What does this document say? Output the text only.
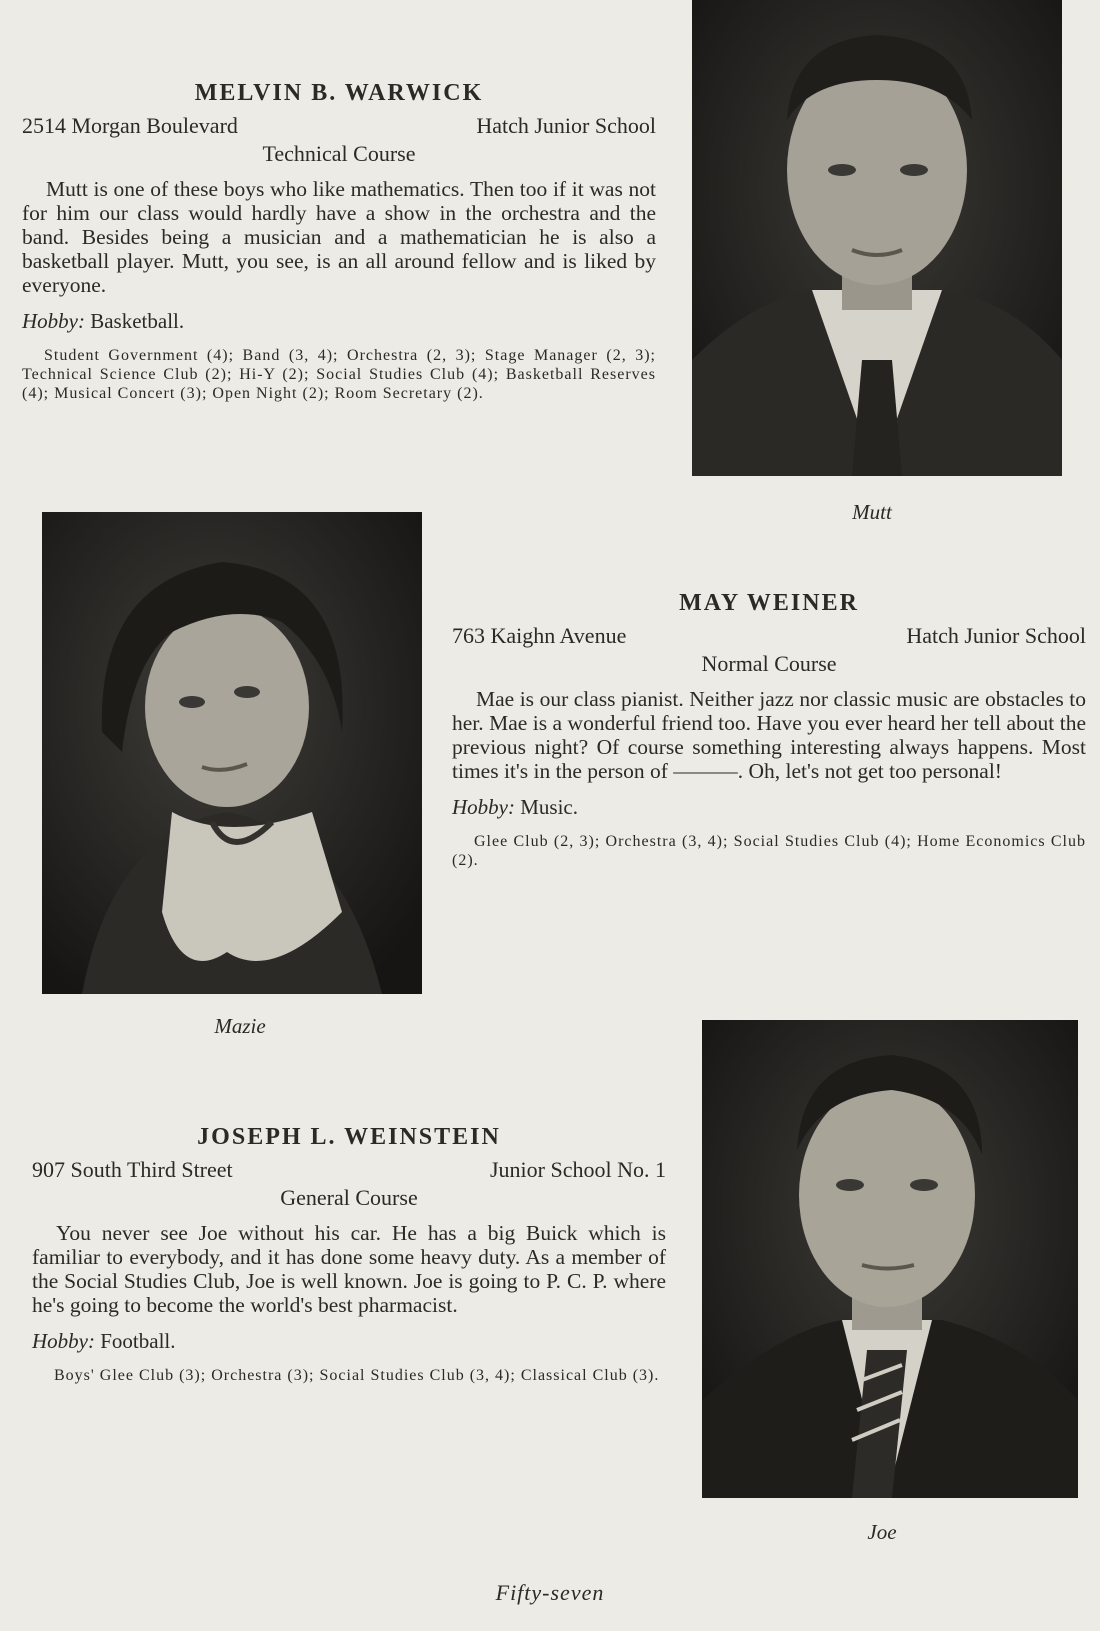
MELVIN B. WARWICK
2514 Morgan Boulevard	Hatch Junior School
Technical Course

Mutt is one of these boys who like mathematics. Then too if it was not for him our class would hardly have a show in the orchestra and the band. Besides being a musician and a mathematician he is also a basketball player. Mutt, you see, is an all around fellow and is liked by everyone.

Hobby: Basketball.
Student Government (4); Band (3, 4); Orchestra (2, 3); Stage Manager (2, 3); Technical Science Club (2); Hi-Y (2); Social Studies Club (4); Basketball Reserves (4); Musical Concert (3); Open Night (2); Room Secretary (2).
Mutt
Mazie
MAY WEINER
763 Kaighn Avenue	Hatch Junior School
Normal Course

Mae is our class pianist. Neither jazz nor classic music are obstacles to her. Mae is a wonderful friend too. Have you ever heard her tell about the previous night? Of course something interesting always happens. Most times it's in the person of ———. Oh, let's not get too personal!

Hobby: Music.
Glee Club (2, 3); Orchestra (3, 4); Social Studies Club (4); Home Economics Club (2).
JOSEPH L. WEINSTEIN
907 South Third Street	Junior School No. 1
General Course

You never see Joe without his car. He has a big Buick which is familiar to everybody, and it has done some heavy duty. As a member of the Social Studies Club, Joe is well known. Joe is going to P. C. P. where he's going to become the world's best pharmacist.

Hobby: Football.
Boys' Glee Club (3); Orchestra (3); Social Studies Club (3, 4); Classical Club (3).
Joe
Fifty-seven
